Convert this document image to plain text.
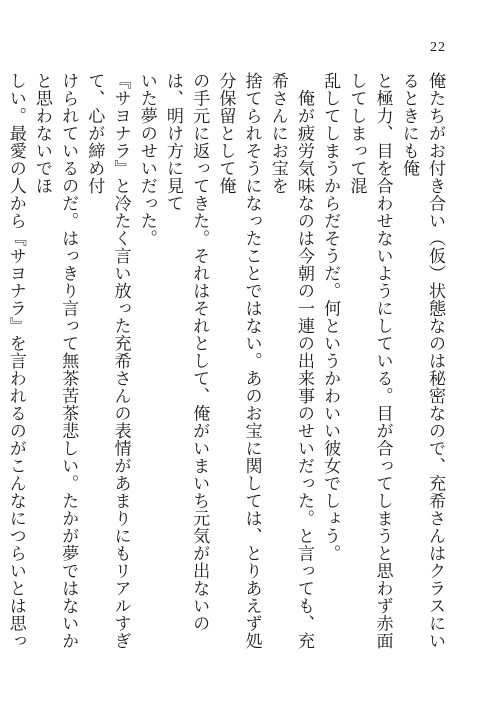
22

俺たちがお付き合い（仮）状態なのは秘密なので、充希さんはクラスにいるときにも俺

と極力、目を合わせないようにしている。目が合ってしまうと思わず赤面してしまって混

乱してしまうからだそうだ。何というかわいい彼女でしょう。

　俺が疲労気味なのは今朝の一連の出来事のせいだった。と言っても、充希さんにお宝を

捨てられそうになったことではない。あのお宝に関しては、とりあえず処分保留として俺

の手元に返ってきた。それはそれとして、俺がいまいち元気が出ないのは、明け方に見て

いた夢のせいだった。

『サヨナラ』と冷たく言い放った充希さんの表情があまりにもリアルすぎて、心が締め付

けられているのだ。はっきり言って無茶苦茶悲しい。たかが夢ではないかと思わないでほ

しい。最愛の人から『サヨナラ』を言われるのがこんなにつらいとは思っ
